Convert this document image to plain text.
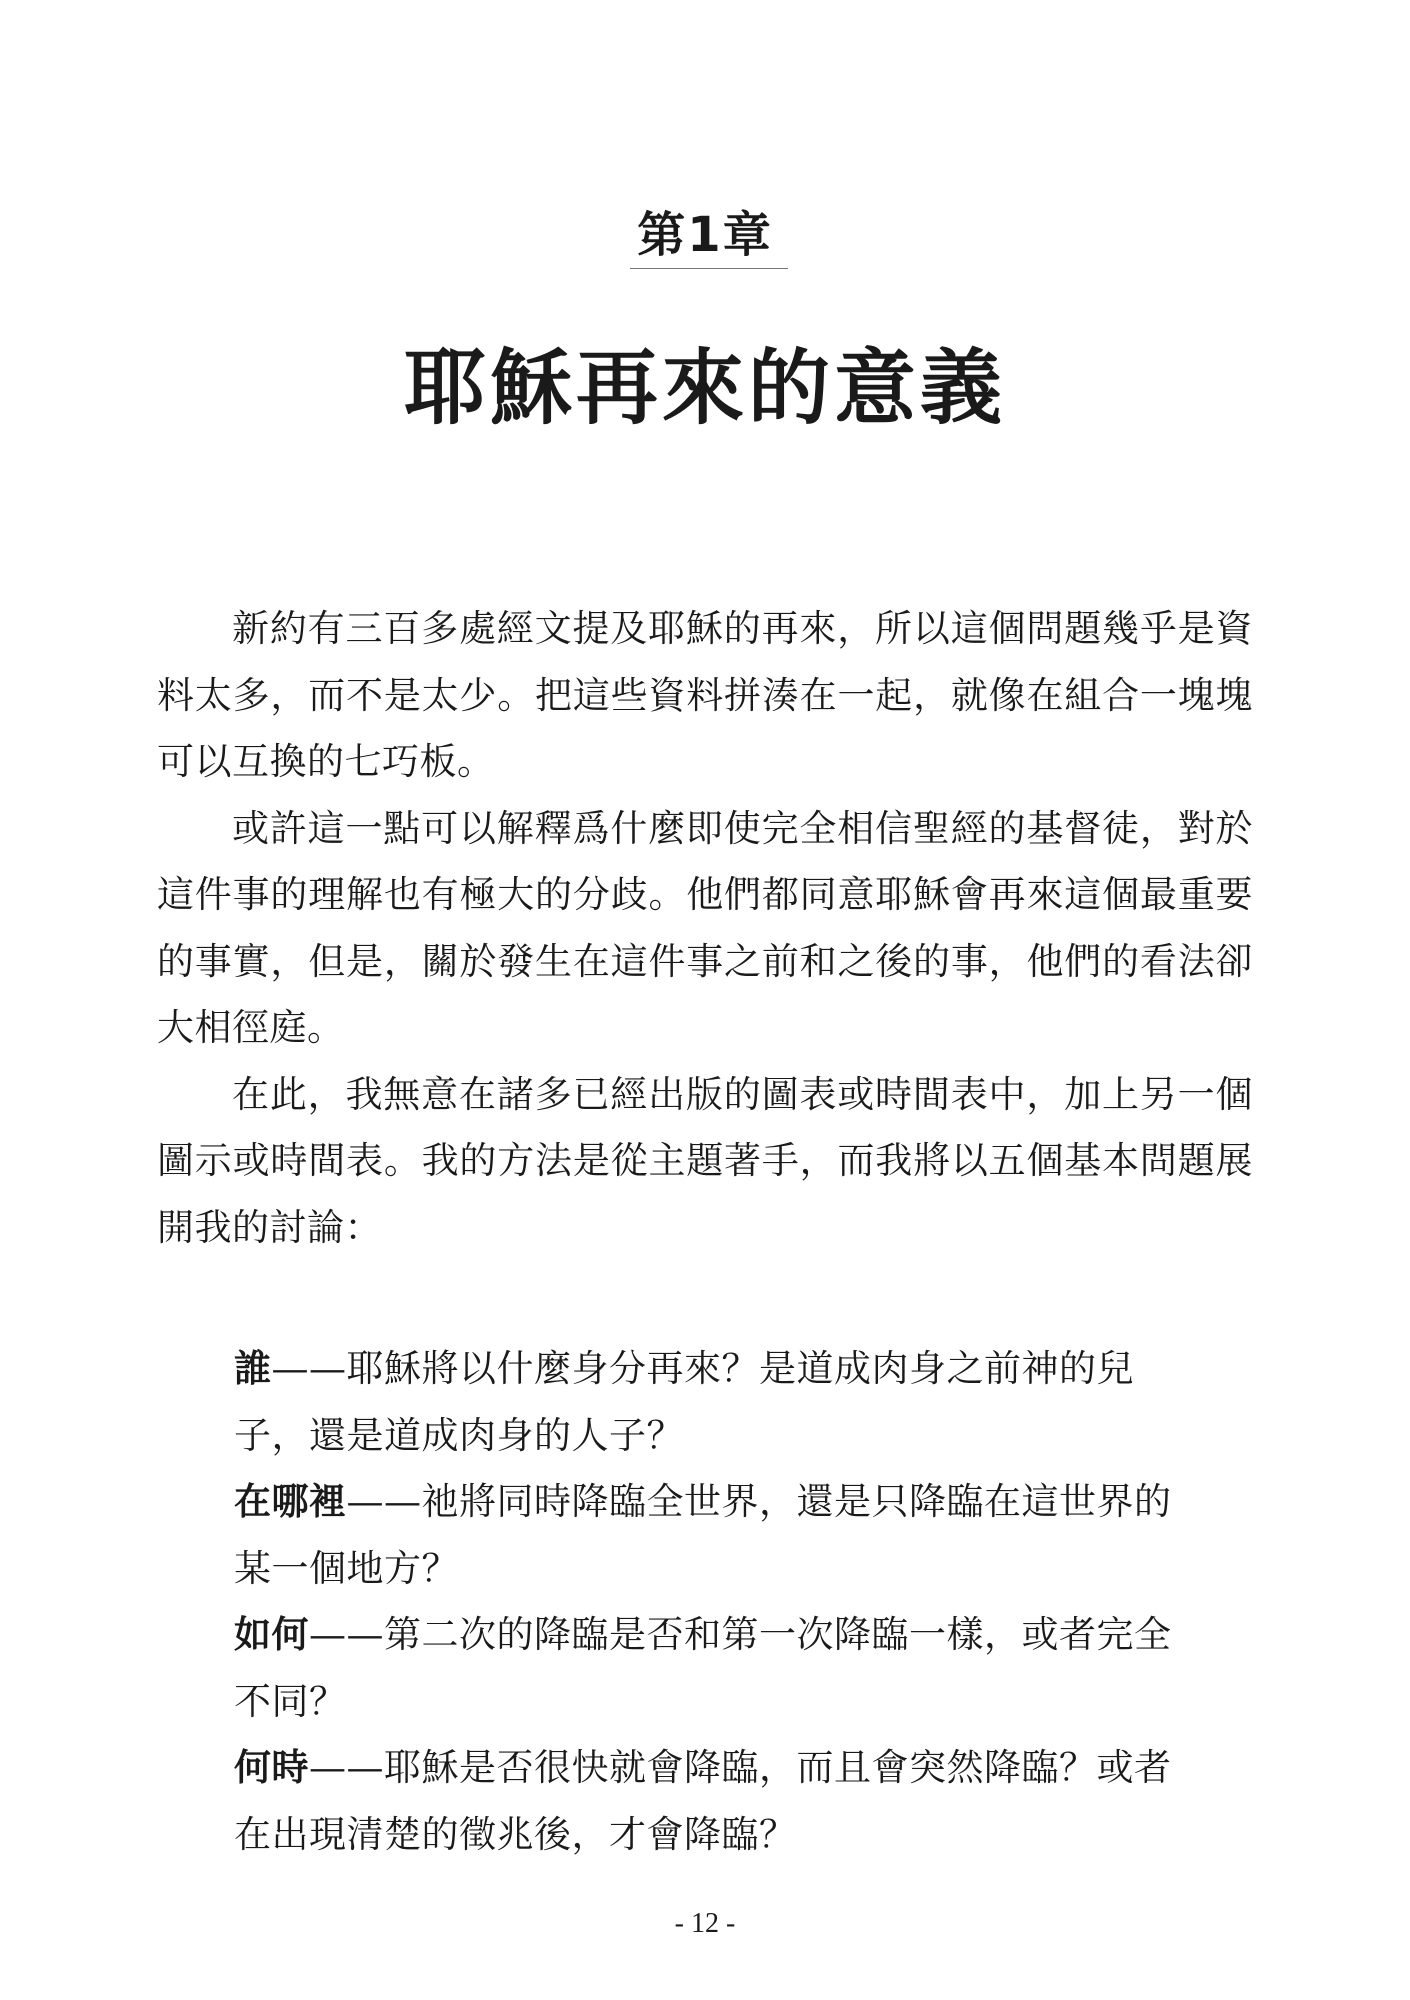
第1章
耶穌再來的意義

新約有三百多處經文提及耶穌的再來，所以這個問題幾乎是資料太多，而不是太少。把這些資料拼湊在一起，就像在組合一塊塊可以互換的七巧板。

或許這一點可以解釋爲什麼即使完全相信聖經的基督徒，對於這件事的理解也有極大的分歧。他們都同意耶穌會再來這個最重要的事實，但是，關於發生在這件事之前和之後的事，他們的看法卻大相徑庭。

在此，我無意在諸多已經出版的圖表或時間表中，加上另一個圖示或時間表。我的方法是從主題著手，而我將以五個基本問題展開我的討論：

誰——耶穌將以什麼身分再來？是道成肉身之前神的兒子，還是道成肉身的人子？

在哪裡——祂將同時降臨全世界，還是只降臨在這世界的某一個地方？

如何——第二次的降臨是否和第一次降臨一樣，或者完全不同？

何時——耶穌是否很快就會降臨，而且會突然降臨？或者在出現清楚的徵兆後，才會降臨？

- 12 -
